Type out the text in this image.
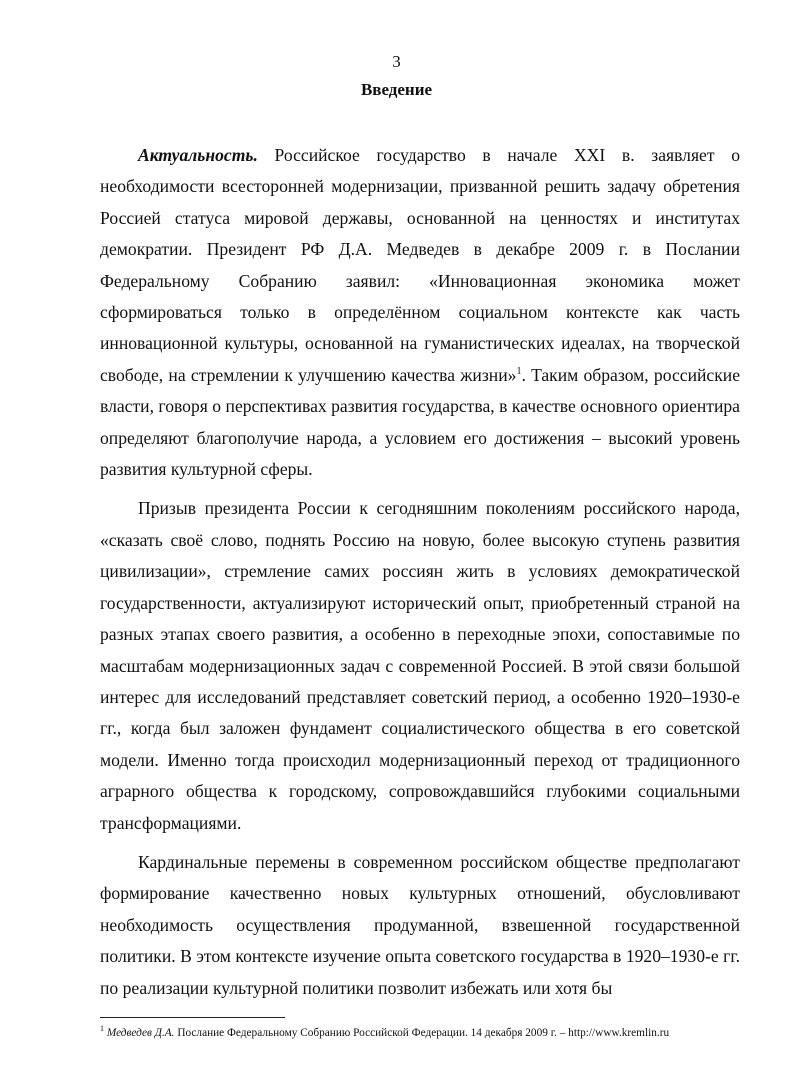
3
Введение

Актуальность. Российское государство в начале XXI в. заявляет о необходимости всесторонней модернизации, призванной решить задачу обретения Россией статуса мировой державы, основанной на ценностях и институтах демократии. Президент РФ Д.А. Медведев в декабре 2009 г. в Послании Федеральному Собранию заявил: «Инновационная экономика может сформироваться только в определённом социальном контексте как часть инновационной культуры, основанной на гуманистических идеалах, на творческой свободе, на стремлении к улучшению качества жизни»$^1$. Таким образом, российские власти, говоря о перспективах развития государства, в качестве основного ориентира определяют благополучие народа, а условием его достижения – высокий уровень развития культурной сферы.

Призыв президента России к сегодняшним поколениям российского народа, «сказать своё слово, поднять Россию на новую, более высокую ступень развития цивилизации», стремление самих россиян жить в условиях демократической государственности, актуализируют исторический опыт, приобретенный страной на разных этапах своего развития, а особенно в переходные эпохи, сопоставимые по масштабам модернизационных задач с современной Россией. В этой связи большой интерес для исследований представляет советский период, а особенно 1920–1930-е гг., когда был заложен фундамент социалистического общества в его советской модели. Именно тогда происходил модернизационный переход от традиционного аграрного общества к городскому, сопровождавшийся глубокими социальными трансформациями.

Кардинальные перемены в современном российском обществе предполагают формирование качественно новых культурных отношений, обусловливают необходимость осуществления продуманной, взвешенной государственной политики. В этом контексте изучение опыта советского государства в 1920–1930-е гг. по реализации культурной политики позволит избежать или хотя бы

$^1$ Медведев Д.А. Послание Федеральному Собранию Российской Федерации. 14 декабря 2009 г. – http://www.kremlin.ru
